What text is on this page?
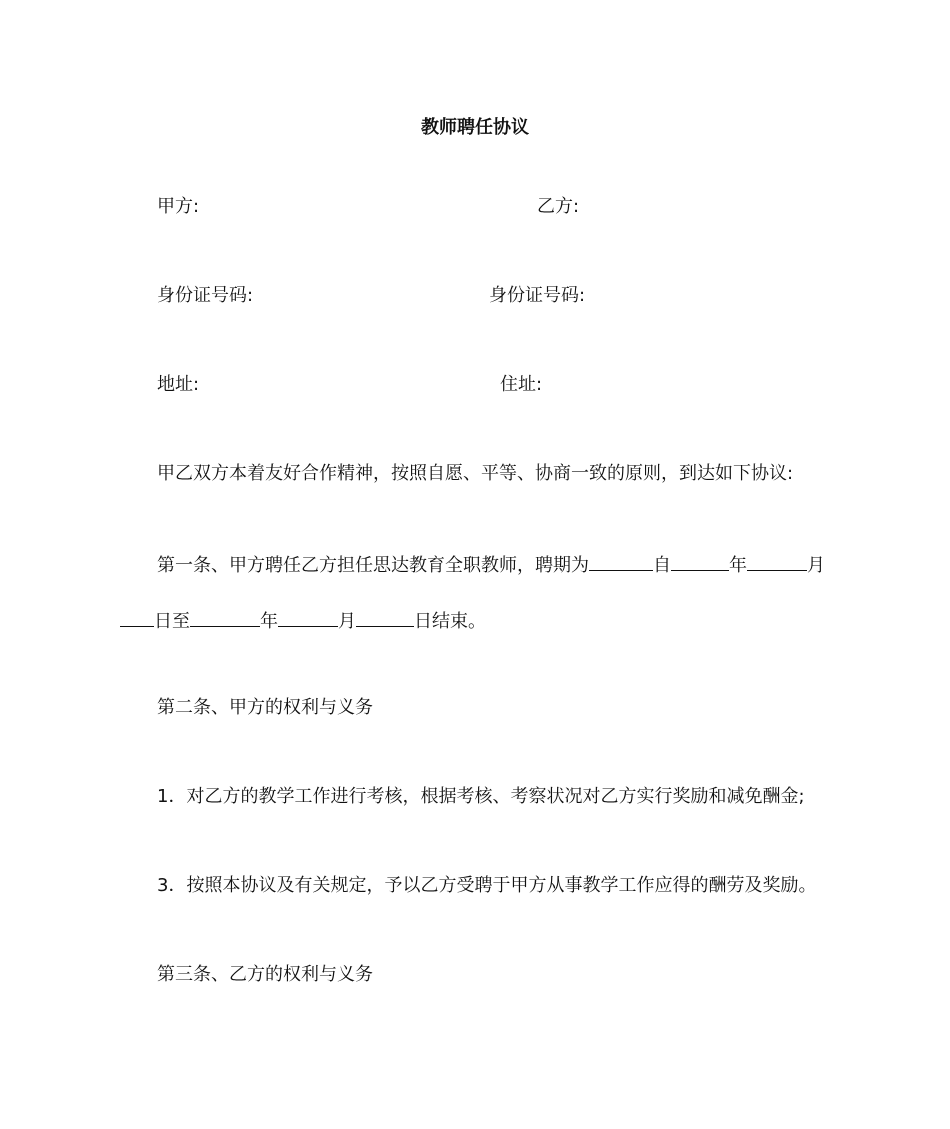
教师聘任协议
甲方:	乙方:
身份证号码:	身份证号码:
地址:	住址:
甲乙双方本着友好合作精神，按照自愿、平等、协商一致的原则，到达如下协议:
第一条、甲方聘任乙方担任思达教育全职教师，聘期为	自	年	月
日至	年	月	日结束。
第二条、甲方的权利与义务
1．对乙方的教学工作进行考核，根据考核、考察状况对乙方实行奖励和减免酬金;
3．按照本协议及有关规定，予以乙方受聘于甲方从事教学工作应得的酬劳及奖励。
第三条、乙方的权利与义务
